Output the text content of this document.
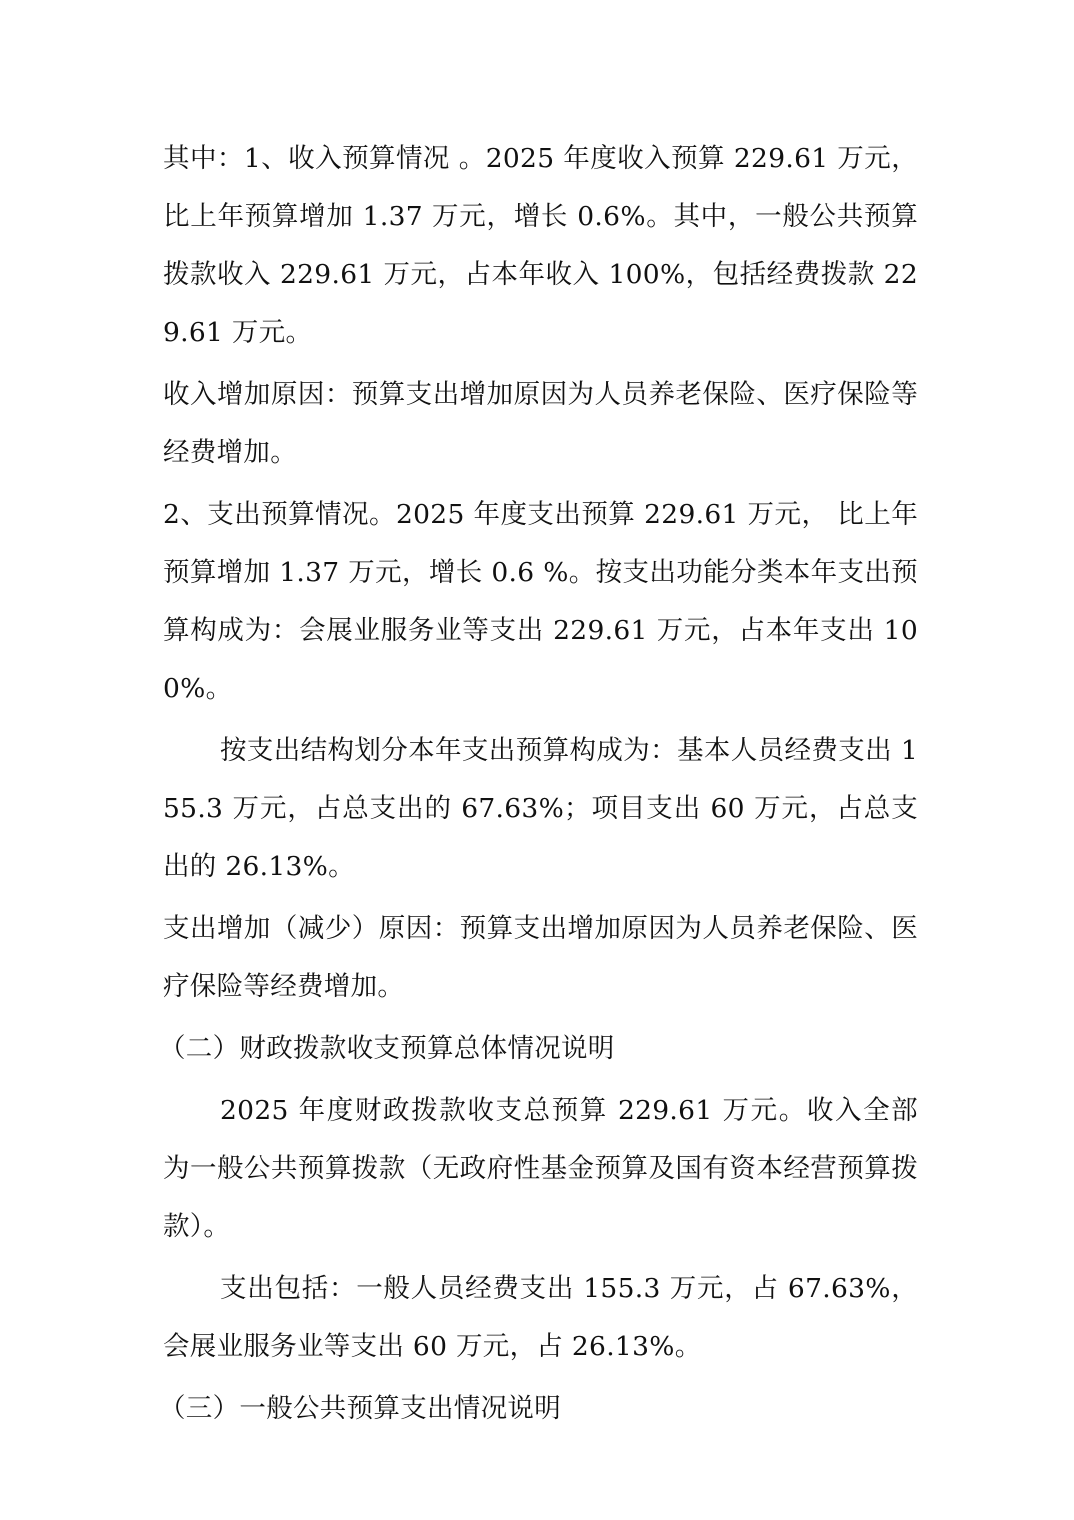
其中：1、收入预算情况 。2025 年度收入预算 229.61 万元，比上年预算增加 1.37 万元，增长 0.6%。其中，一般公共预算拨款收入 229.61 万元，占本年收入 100%，包括经费拨款 229.61 万元。

收入增加原因：预算支出增加原因为人员养老保险、医疗保险等经费增加。

2、支出预算情况。2025 年度支出预算 229.61 万元， 比上年预算增加 1.37 万元，增长 0.6 %。按支出功能分类本年支出预算构成为：会展业服务业等支出 229.61 万元，占本年支出 100%。

按支出结构划分本年支出预算构成为：基本人员经费支出 155.3 万元，占总支出的 67.63%；项目支出 60 万元，占总支出的 26.13%。

支出增加（减少）原因：预算支出增加原因为人员养老保险、医疗保险等经费增加。

（二）财政拨款收支预算总体情况说明

2025 年度财政拨款收支总预算 229.61 万元。收入全部为一般公共预算拨款（无政府性基金预算及国有资本经营预算拨款）。

支出包括：一般人员经费支出 155.3 万元，占 67.63%，会展业服务业等支出 60 万元，占 26.13%。

（三）一般公共预算支出情况说明
